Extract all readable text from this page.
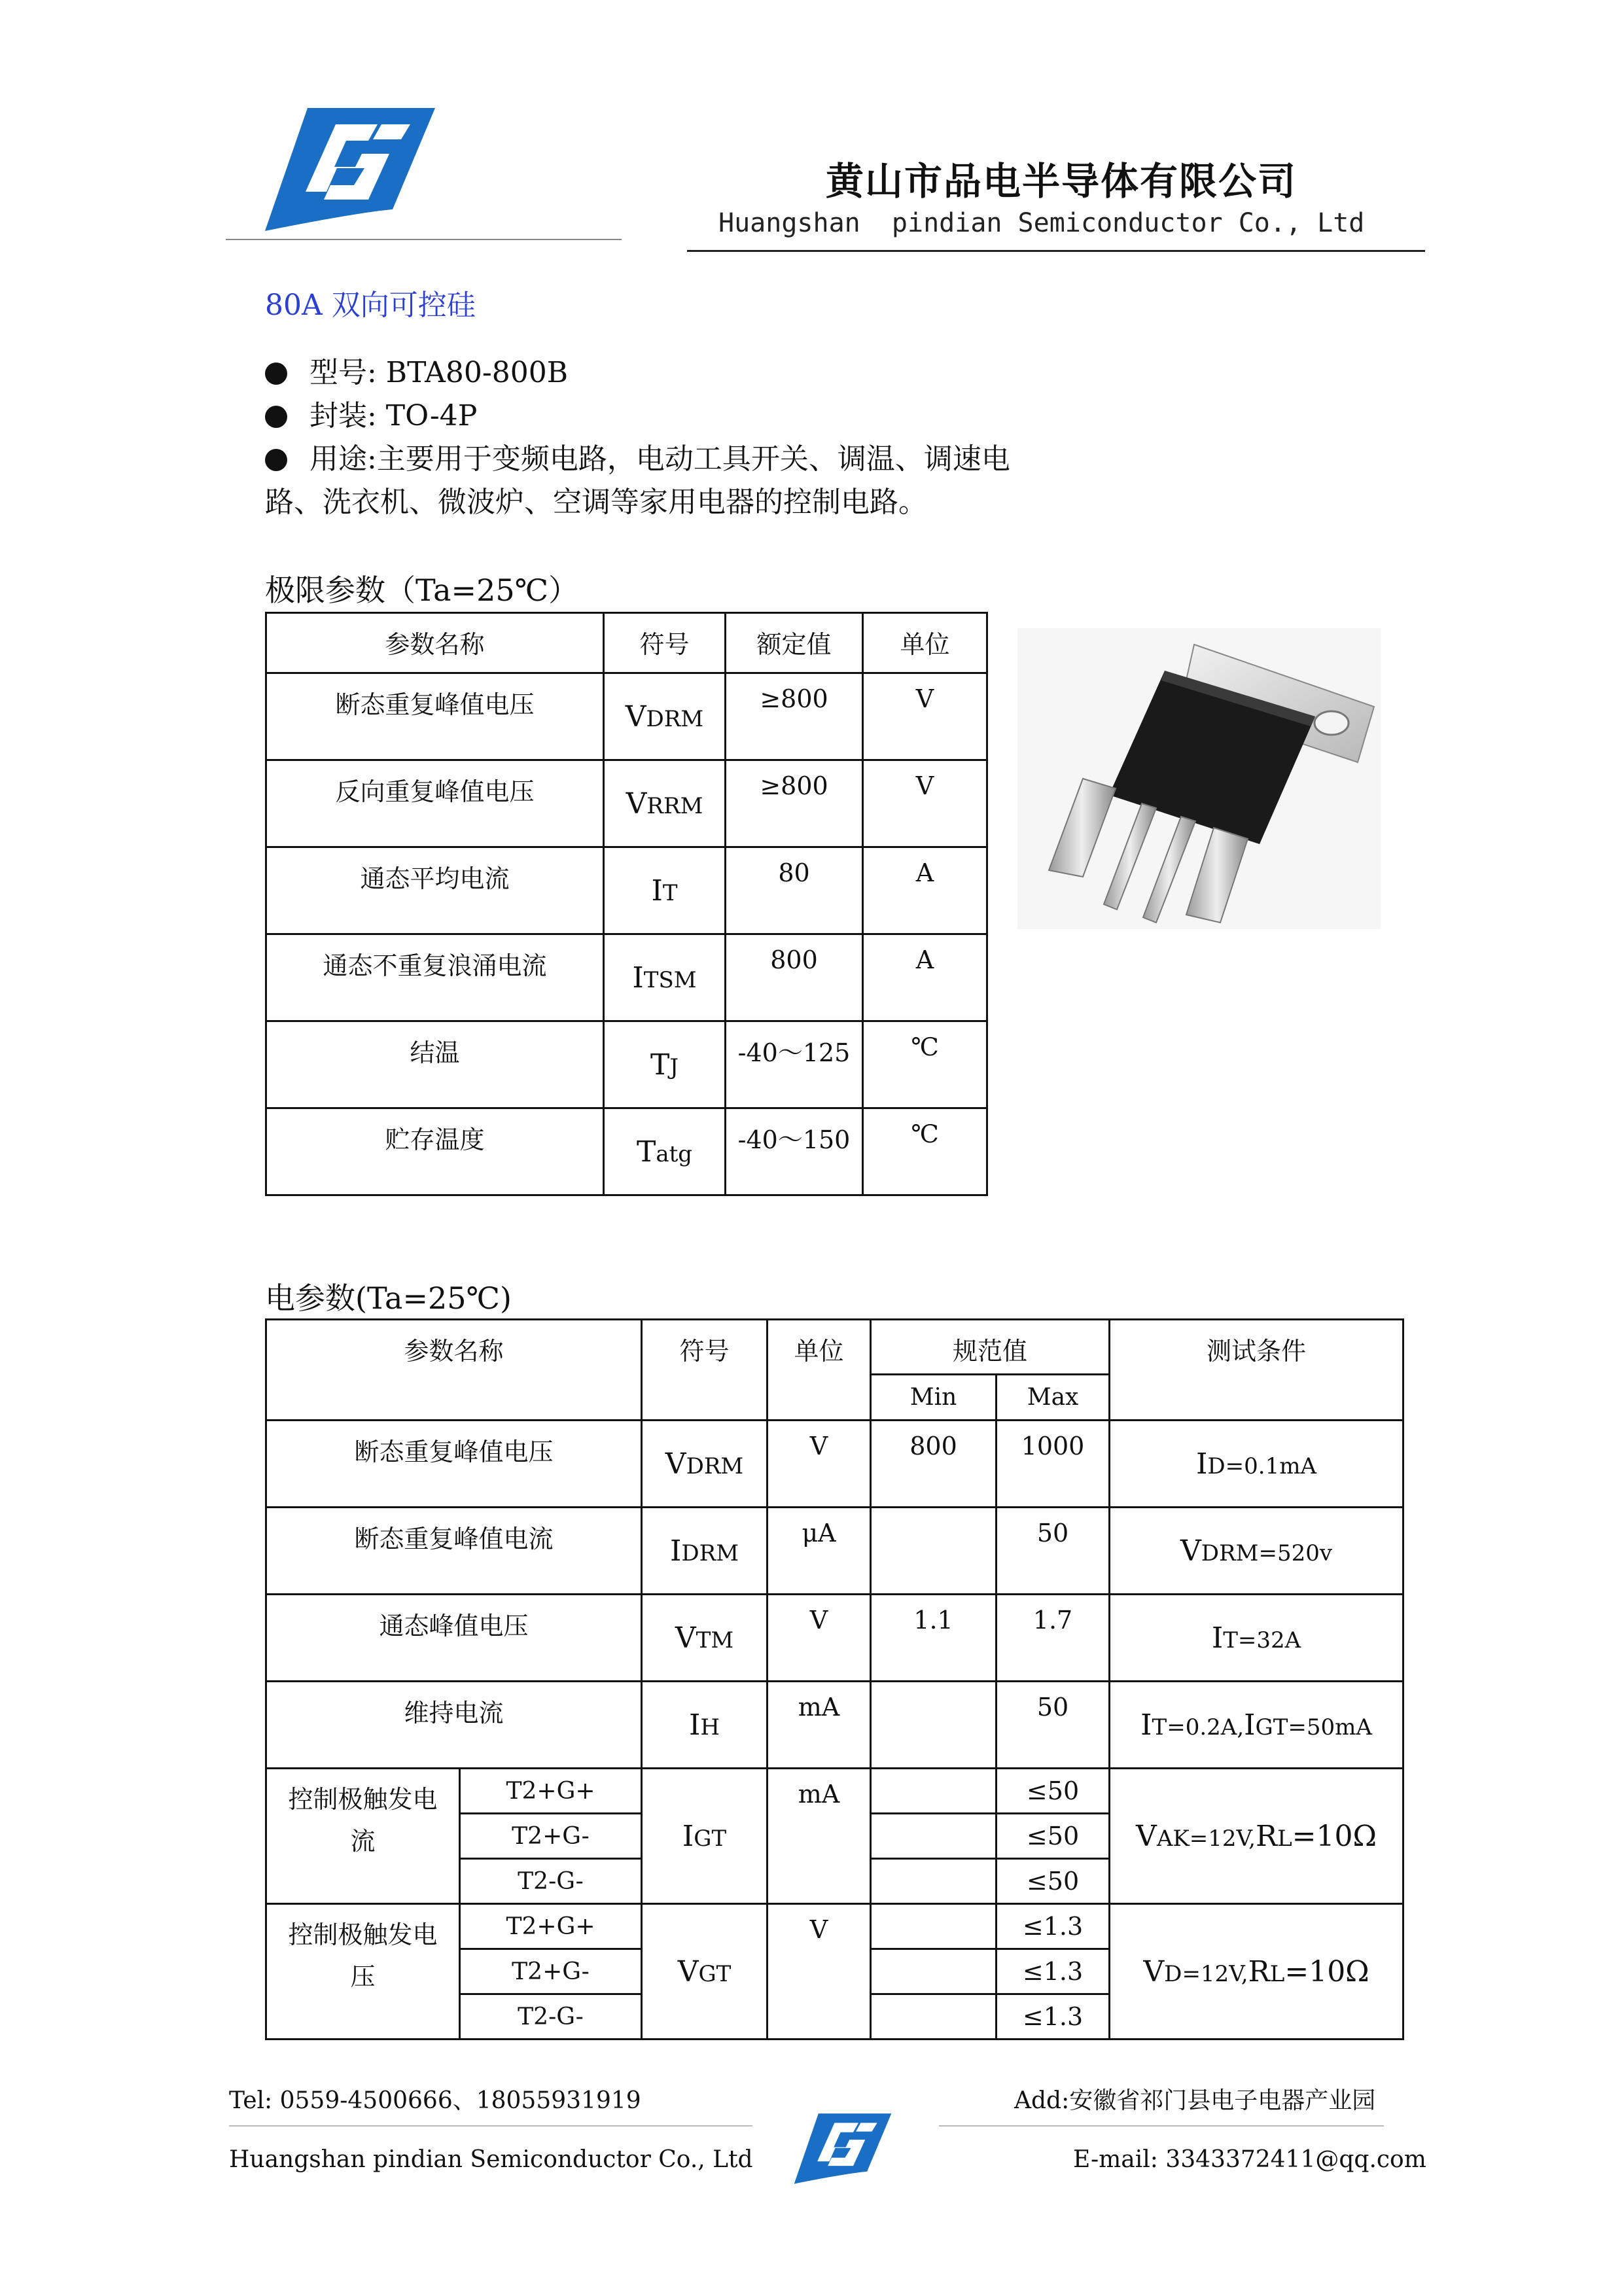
黄山市品电半导体有限公司
Huangshan  pindian Semiconductor Co., Ltd
80A 双向可控硅
型号: BTA80-800B
封装: TO-4P
用途:主要用于变频电路，电动工具开关、调温、调速电
路、洗衣机、微波炉、空调等家用电器的控制电路。
极限参数（Ta=25℃）
参数名称	符号	额定值	单位
断态重复峰值电压	VDRM	≥800	V
反向重复峰值电压	VRRM	≥800	V
通态平均电流	IT	80	A
通态不重复浪涌电流	ITSM	800	A
结温	TJ	-40～125	℃
贮存温度	Tatg	-40～150	℃
电参数(Ta=25℃)
参数名称		符号	单位	规范值		测试条件
				Min	Max	
断态重复峰值电压		VDRM	V	800	1000	ID=0.1mA
断态重复峰值电流		IDRM	μA		50	VDRM=520v
通态峰值电压		VTM	V	1.1	1.7	IT=32A
维持电流		IH	mA		50	IT=0.2A,IGT=50mA
控制极触发电流	T2+G+	IGT	mA		≤50	VAK=12V,RL=10Ω
	T2+G-				≤50	
	T2-G-				≤50	
控制极触发电压	T2+G+	VGT	V		≤1.3	VD=12V,RL=10Ω
	T2+G-				≤1.3	
	T2-G-				≤1.3	
Tel: 0559-4500666、18055931919	Add:安徽省祁门县电子电器产业园
Huangshan pindian Semiconductor Co., Ltd	E-mail: 3343372411@qq.com
